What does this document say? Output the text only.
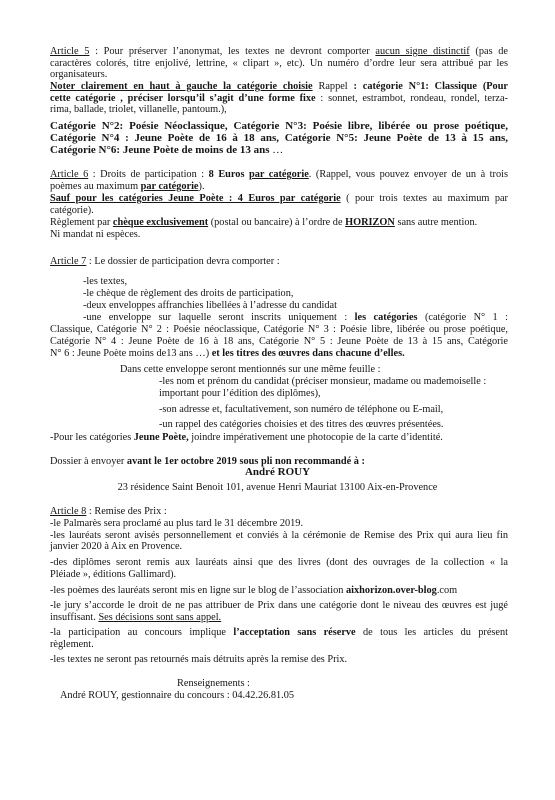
Article 5 : Pour préserver l’anonymat, les textes ne devront comporter aucun signe distinctif (pas de
caractères colorés, titre enjolivé, lettrine, « clipart », etc). Un numéro d’ordre leur sera attribué par les
organisateurs.
Noter clairement en haut à gauche la catégorie choisie Rappel : catégorie N°1: Classique (Pour
cette catégorie , préciser lorsqu’il s’agit d’une forme fixe : sonnet, estrambot, rondeau, rondel, terza-
rima, ballade, triolet, villanelle, pantoum.),
Catégorie N°2: Poésie Néoclassique, Catégorie N°3: Poésie libre, libérée ou prose poétique,
Catégorie N°4 : Jeune Poète de 16 à 18 ans, Catégorie N°5: Jeune Poète de 13 à 15 ans,
Catégorie N°6: Jeune Poète de moins de 13 ans …
Article 6 : Droits de participation : 8 Euros par catégorie. (Rappel, vous pouvez envoyer de un à trois
poèmes au maximum par catégorie).
Sauf pour les catégories Jeune Poète : 4 Euros par catégorie ( pour trois textes au maximum par
catégorie).
Règlement par chèque exclusivement (postal ou bancaire) à l’ordre de HORIZON sans autre mention.
Ni mandat ni espèces.
Article 7 : Le dossier de participation devra comporter :
-les textes,
-le chèque de règlement des droits de participation,
-deux enveloppes affranchies libellées à l’adresse du candidat
-une enveloppe sur laquelle seront inscrits uniquement : les catégories (catégorie N° 1 :
Classique, Catégorie N° 2 : Poésie néoclassique, Catégorie N° 3 : Poésie libre, libérée ou prose poétique,
Catégorie N° 4 : Jeune Poète de 16 à 18 ans, Catégorie N° 5 : Jeune Poète de 13 à 15 ans, Catégorie
N° 6 : Jeune Poète moins de13 ans …) et les titres des œuvres dans chacune d’elles.
Dans cette enveloppe seront mentionnés sur une même feuille :
-les nom et prénom du candidat (préciser monsieur, madame ou mademoiselle :
important pour l’édition des diplômes),
-son adresse et, facultativement, son numéro de téléphone ou E-mail,
-un rappel des catégories choisies et des titres des œuvres présentées.
-Pour les catégories Jeune Poète, joindre impérativement une photocopie de la carte d’identité.
Dossier à envoyer avant le 1er octobre 2019 sous pli non recommandé à :
André ROUY
23 résidence Saint Benoit 101, avenue Henri Mauriat 13100 Aix-en-Provence
Article 8 : Remise des Prix :
-le Palmarès sera proclamé au plus tard le 31 décembre 2019.
-les lauréats seront avisés personnellement et conviés à la cérémonie de Remise des Prix qui aura lieu fin
janvier 2020 à Aix en Provence.
-des diplômes seront remis aux lauréats ainsi que des livres (dont des ouvrages de la collection « la
Pléiade », éditions Gallimard).
-les poèmes des lauréats seront mis en ligne sur le blog de l’association aixhorizon.over-blog.com
-le jury s’accorde le droit de ne pas attribuer de Prix dans une catégorie dont le niveau des œuvres est jugé
insuffisant. Ses décisions sont sans appel.
-la participation au concours implique l’acceptation sans réserve de tous les articles du présent
règlement.
-les textes ne seront pas retournés mais détruits après la remise des Prix.
Renseignements :
André ROUY, gestionnaire du concours : 04.42.26.81.05
